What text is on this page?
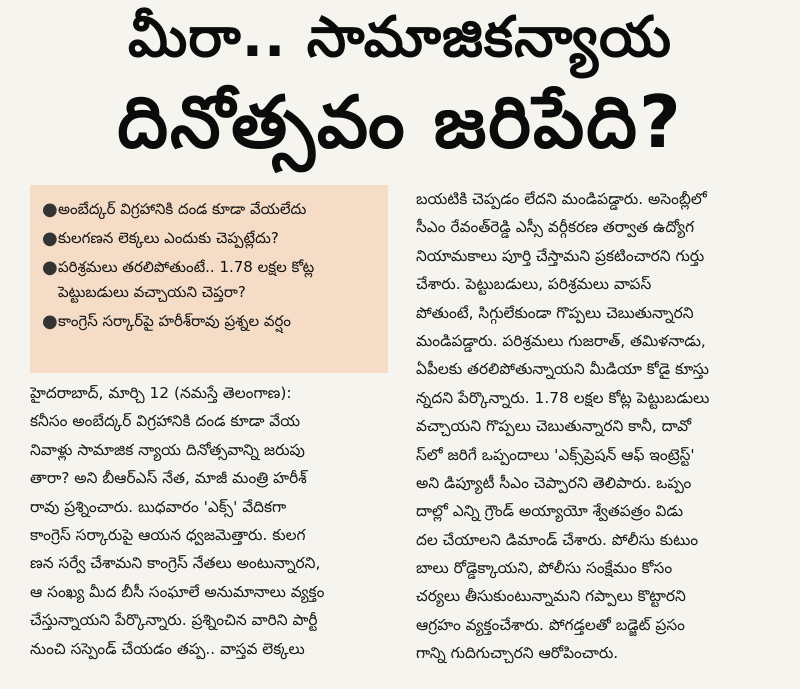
మీరా.. సామాజికన్యాయ
దినోత్సవం జరిపేది?
● అంబేద్కర్ విగ్రహానికి దండ కూడా వేయలేదు
● కులగణన లెక్కలు ఎందుకు చెప్పట్లేదు?
● పరిశ్రమలు తరలిపోతుంటే.. 1.78 లక్షల కోట్ల పెట్టుబడులు వచ్చాయని చెప్తరా?
● కాంగ్రెస్ సర్కార్‌పై హరీశ్‌రావు ప్రశ్నల వర్షం
హైదరాబాద్, మార్చి 12 (నమస్తే తెలంగాణ):
కనీసం అంబేద్కర్ విగ్రహానికి దండ కూడా వేయ
నివాళ్లు సామాజిక న్యాయ దినోత్సవాన్ని జరుపు
తారా? అని బీఆర్ఎస్ నేత, మాజీ మంత్రి హరీశ్
రావు ప్రశ్నించారు. బుధవారం 'ఎక్స్' వేదికగా
కాంగ్రెస్ సర్కారుపై ఆయన ధ్వజమెత్తారు. కులగ
ణన సర్వే చేశామని కాంగ్రెస్ నేతలు అంటున్నారని,
ఆ సంఖ్య మీద బీసీ సంఘాలే అనుమానాలు వ్యక్తం
చేస్తున్నాయని పేర్కొన్నారు. ప్రశ్నించిన వారిని పార్టీ
నుంచి సస్పెండ్ చేయడం తప్ప.. వాస్తవ లెక్కలు
బయటికి చెప్పడం లేదని మండిపడ్డారు. అసెంబ్లీలో
సీఎం రేవంత్‌రెడ్డి ఎస్సీ వర్గీకరణ తర్వాత ఉద్యోగ
నియామకాలు పూర్తి చేస్తామని ప్రకటించారని గుర్తు
చేశారు. పెట్టుబడులు, పరిశ్రమలు వాపస్
పోతుంటే, సిగ్గులేకుండా గొప్పలు చెబుతున్నారని
మండిపడ్డారు. పరిశ్రమలు గుజరాత్, తమిళనాడు,
ఏపీలకు తరలిపోతున్నాయని మీడియా కోడై కూస్తు
న్నదని పేర్కొన్నారు. 1.78 లక్షల కోట్ల పెట్టుబడులు
వచ్చాయని గొప్పలు చెబుతున్నారని కానీ, దావో
స్‌లో జరిగే ఒప్పందాలు 'ఎక్స్‌ప్రెషన్ ఆఫ్ ఇంట్రెస్ట్'
అని డిప్యూటీ సీఎం చెప్పారని తెలిపారు. ఒప్పం
దాల్లో ఎన్ని గ్రౌండ్ అయ్యాయో శ్వేతపత్రం విడు
దల చేయాలని డిమాండ్ చేశారు. పోలీసు కుటుం
బాలు రోడ్డెక్కాయని, పోలీసు సంక్షేమం కోసం
చర్యలు తీసుకుంటున్నామని గప్పాలు కొట్టారని
ఆగ్రహం వ్యక్తంచేశారు. పోగడ్తలతో బడ్జెట్ ప్రసం
గాన్ని గుదిగుచ్చారని ఆరోపించారు.
